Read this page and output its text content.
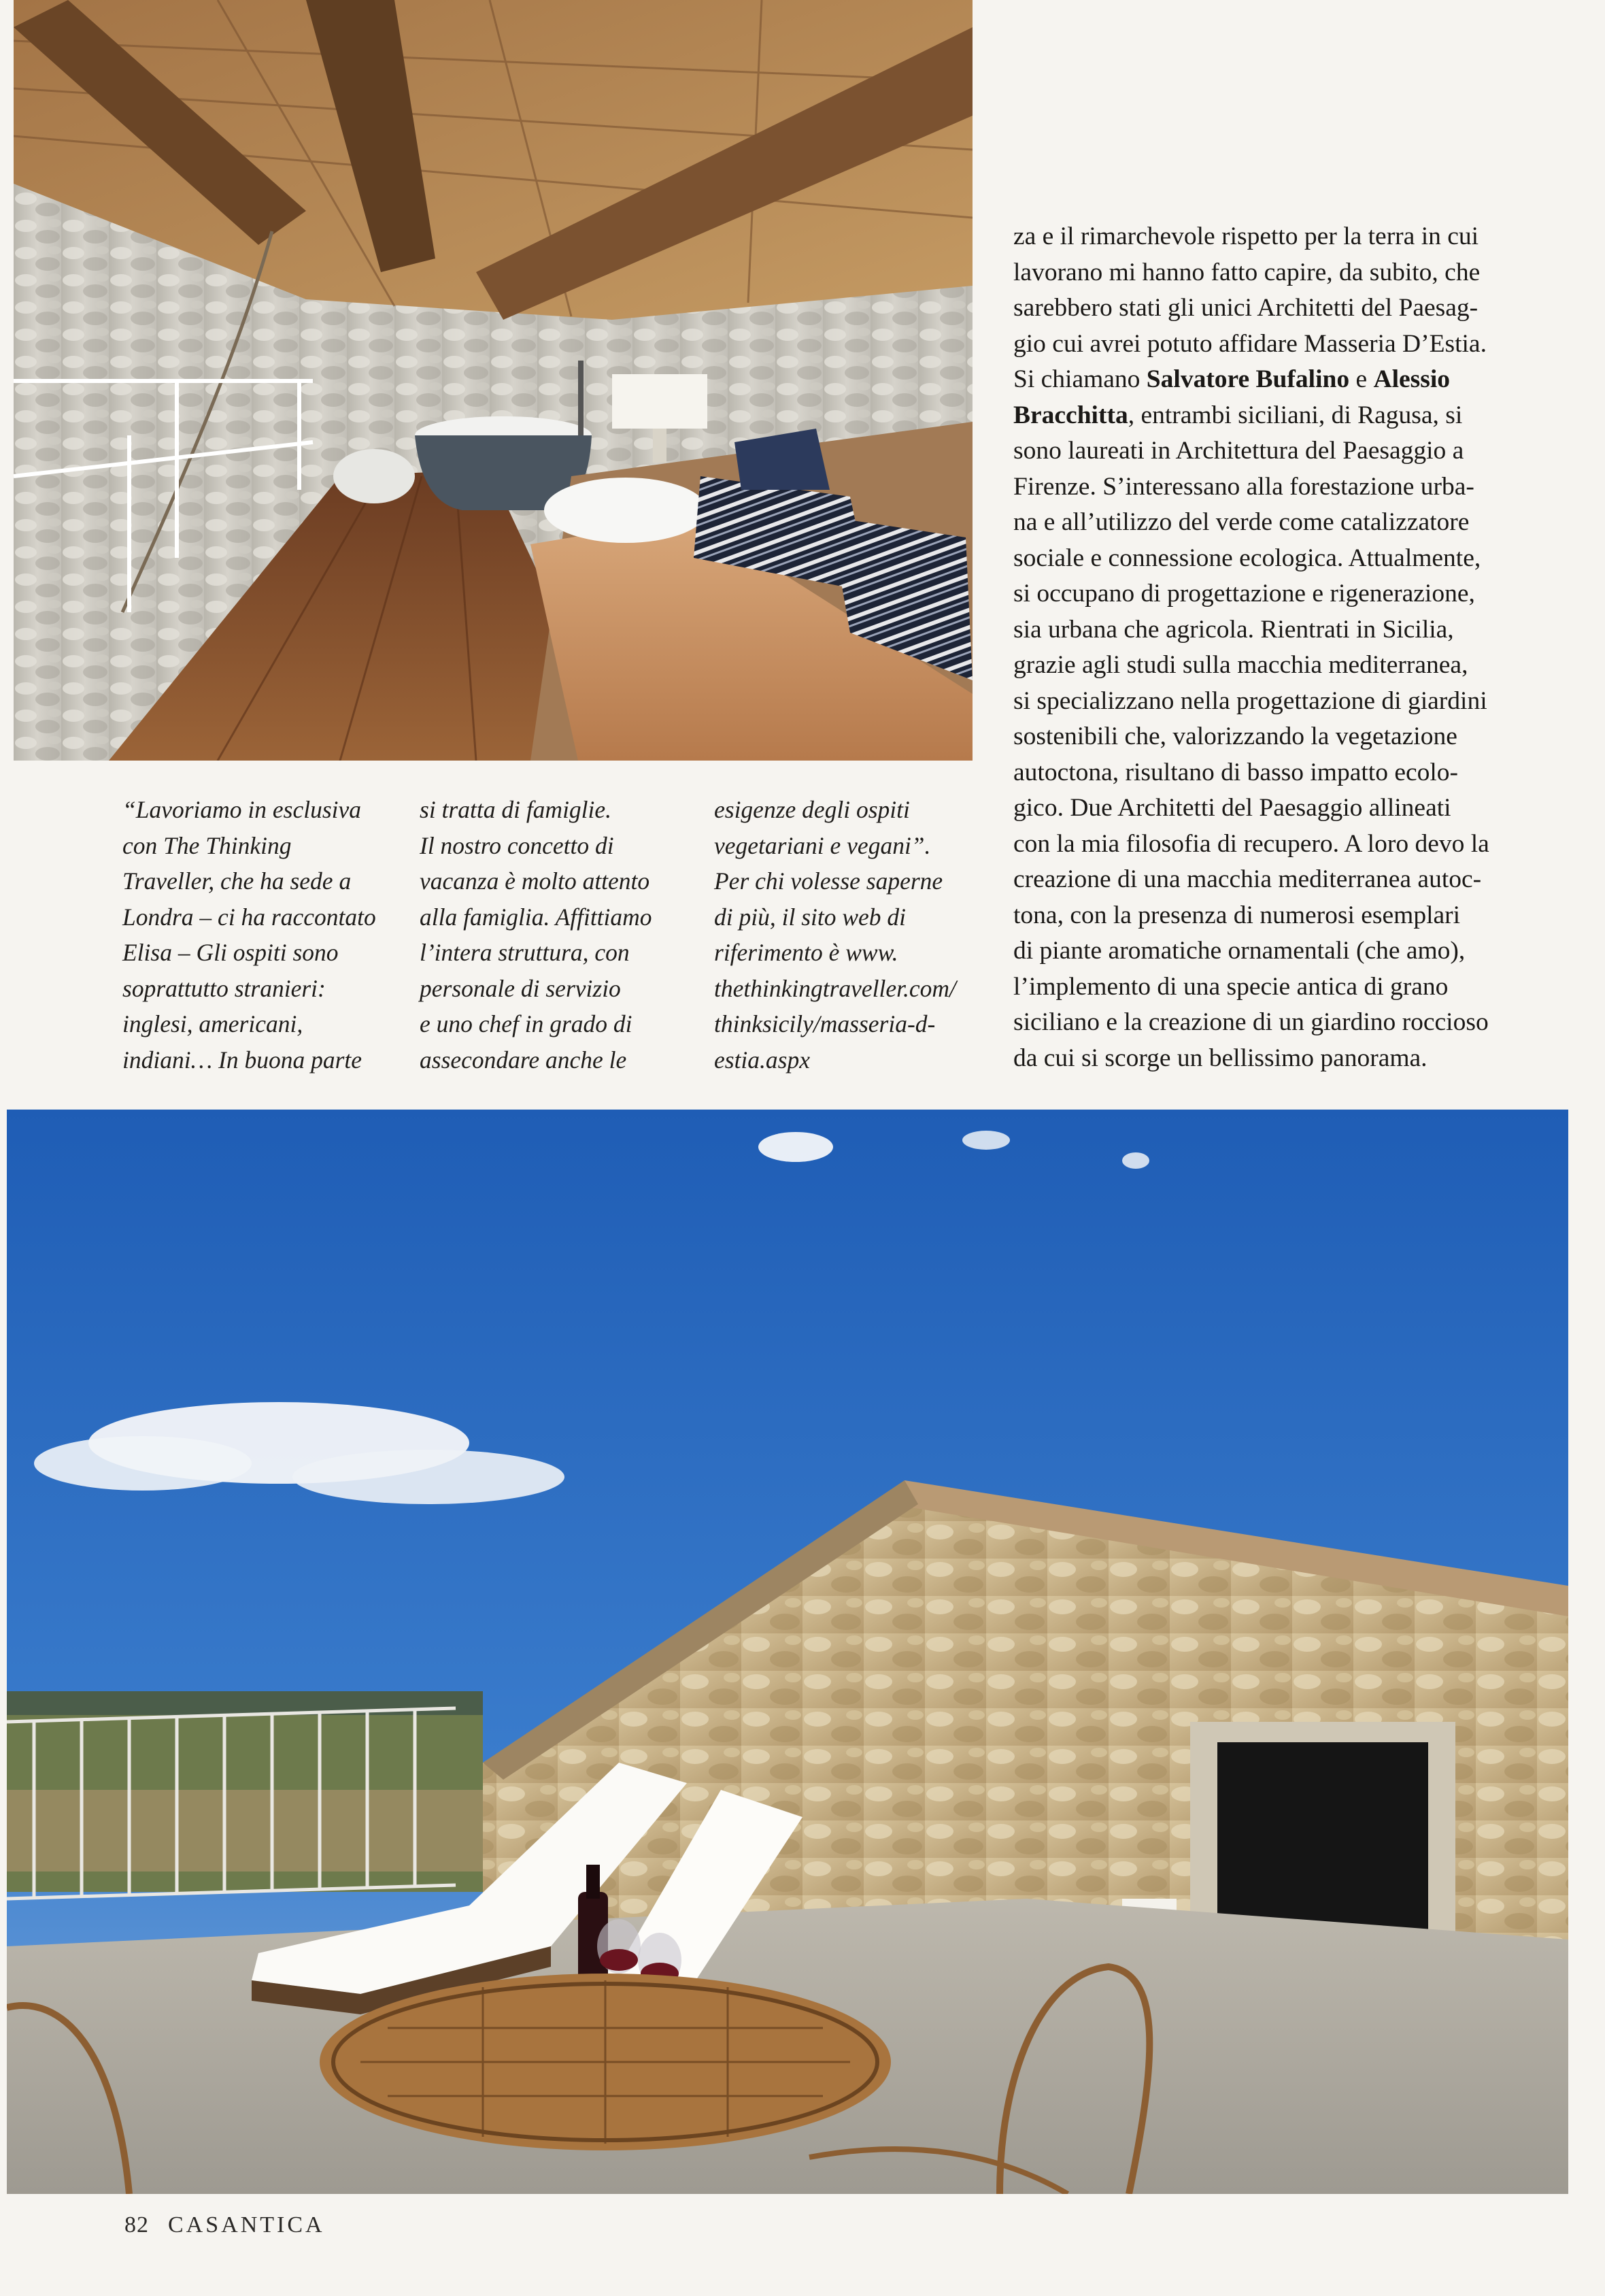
“Lavoriamo in esclusiva

con The Thinking

Traveller, che ha sede a

Londra – ci ha raccontato

Elisa – Gli ospiti sono

soprattutto stranieri:

inglesi, americani,

indiani… In buona parte

si tratta di famiglie.

Il nostro concetto di

vacanza è molto attento

alla famiglia. Affittiamo

l’intera struttura, con

personale di servizio

e uno chef in grado di

assecondare anche le

esigenze degli ospiti

vegetariani e vegani”.

Per chi volesse saperne

di più, il sito web di

riferimento è www.

thethinkingtraveller.com/

thinksicily/masseria-d-

estia.aspx

za e il rimarchevole rispetto per la terra in cui

lavorano mi hanno fatto capire, da subito, che

sarebbero stati gli unici Architetti del Paesag-

gio cui avrei potuto affidare Masseria D’Estia.

Si chiamano Salvatore Bufalino e Alessio

Bracchitta, entrambi siciliani, di Ragusa, si

sono laureati in Architettura del Paesaggio a

Firenze. S’interessano alla forestazione urba-

na e all’utilizzo del verde come catalizzatore

sociale e connessione ecologica. Attualmente,

si occupano di progettazione e rigenerazione,

sia urbana che agricola. Rientrati in Sicilia,

grazie agli studi sulla macchia mediterranea,

si specializzano nella progettazione di giardini

sostenibili che, valorizzando la vegetazione

autoctona, risultano di basso impatto ecolo-

gico. Due Architetti del Paesaggio allineati

con la mia filosofia di recupero. A loro devo la

creazione di una macchia mediterranea autoc-

tona, con la presenza di numerosi esemplari

di piante aromatiche ornamentali (che amo),

l’implemento di una specie antica di grano

siciliano e la creazione di un giardino roccioso

da cui si scorge un bellissimo panorama.

82 CASANTICA
